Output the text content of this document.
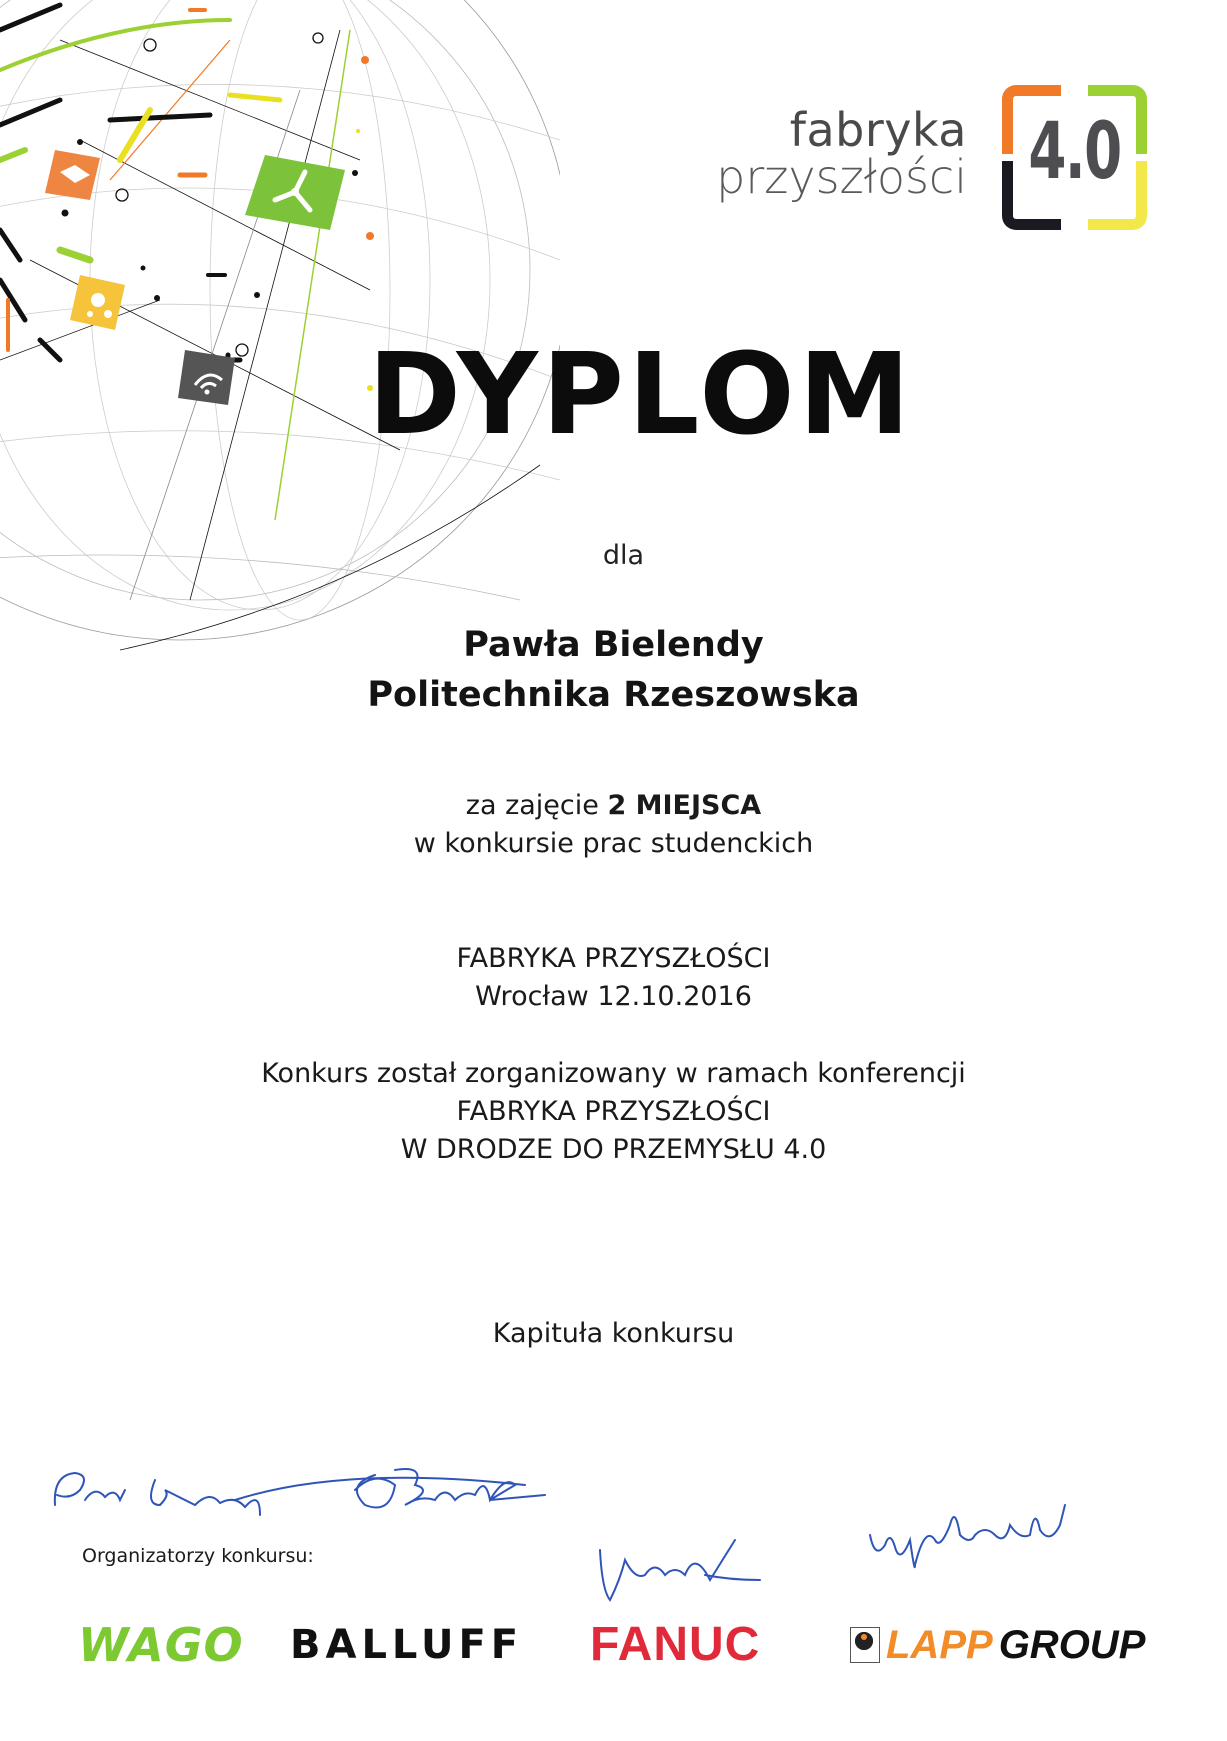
fabryka
przyszłości 4.0
DYPLOM
dla
Pawła Bielendy
Politechnika Rzeszowska
za zajęcie 2 MIEJSCA
w konkursie prac studenckich
FABRYKA PRZYSZŁOŚCI
Wrocław 12.10.2016
Konkurs został zorganizowany w ramach konferencji
FABRYKA PRZYSZŁOŚCI
W DRODZE DO PRZEMYSŁU 4.0
Kapituła konkursu
Organizatorzy konkursu:
WAGO BALLUFF FANUC	LAPP GROUP
